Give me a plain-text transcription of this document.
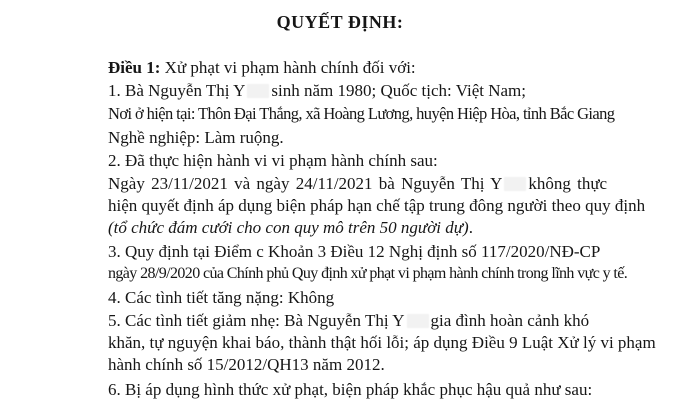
QUYẾT ĐỊNH:
Điều 1: Xử phạt vi phạm hành chính đối với:
1. Bà Nguyễn Thị Y sinh năm 1980; Quốc tịch: Việt Nam;
Nơi ở hiện tại: Thôn Đại Thắng, xã Hoàng Lương, huyện Hiệp Hòa, tỉnh Bắc Giang
Nghề nghiệp: Làm ruộng.
2. Đã thực hiện hành vi vi phạm hành chính sau:
Ngày 23/11/2021 và ngày 24/11/2021 bà Nguyễn Thị Y không thực
hiện quyết định áp dụng biện pháp hạn chế tập trung đông người theo quy định
(tổ chức đám cưới cho con quy mô trên 50 người dự).
3. Quy định tại Điểm c Khoản 3 Điều 12 Nghị định số 117/2020/NĐ-CP
ngày 28/9/2020 của Chính phủ Quy định xử phạt vi phạm hành chính trong lĩnh vực y tế.
4. Các tình tiết tăng nặng: Không
5. Các tình tiết giảm nhẹ: Bà Nguyễn Thị Y gia đình hoàn cảnh khó
khăn, tự nguyện khai báo, thành thật hối lỗi; áp dụng Điều 9 Luật Xử lý vi phạm
hành chính số 15/2012/QH13 năm 2012.
6. Bị áp dụng hình thức xử phạt, biện pháp khắc phục hậu quả như sau:
